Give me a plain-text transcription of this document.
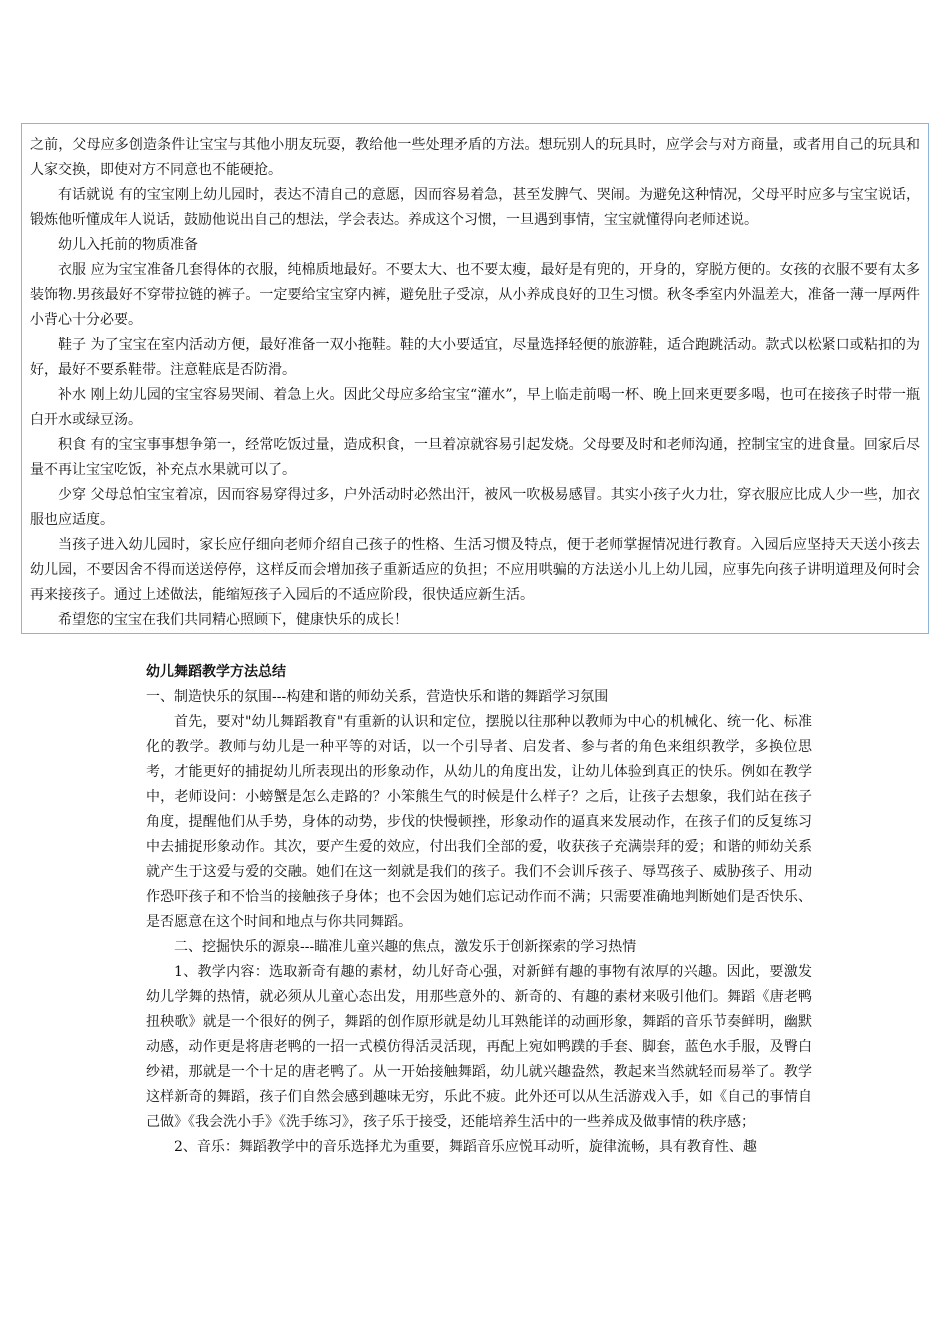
之前，父母应多创造条件让宝宝与其他小朋友玩耍，教给他一些处理矛盾的方法。想玩别人的玩具时，应学会与对方商量，或者用自己的玩具和人家交换，即使对方不同意也不能硬抢。

有话就说 有的宝宝刚上幼儿园时，表达不清自己的意愿，因而容易着急，甚至发脾气、哭闹。为避免这种情况，父母平时应多与宝宝说话，锻炼他听懂成年人说话，鼓励他说出自己的想法，学会表达。养成这个习惯，一旦遇到事情，宝宝就懂得向老师述说。

幼儿入托前的物质准备

衣服 应为宝宝准备几套得体的衣服，纯棉质地最好。不要太大、也不要太瘦，最好是有兜的，开身的，穿脱方便的。女孩的衣服不要有太多装饰物.男孩最好不穿带拉链的裤子。一定要给宝宝穿内裤，避免肚子受凉，从小养成良好的卫生习惯。秋冬季室内外温差大，准备一薄一厚两件小背心十分必要。

鞋子 为了宝宝在室内活动方便，最好准备一双小拖鞋。鞋的大小要适宜，尽量选择轻便的旅游鞋，适合跑跳活动。款式以松紧口或粘扣的为好，最好不要系鞋带。注意鞋底是否防滑。

补水 刚上幼儿园的宝宝容易哭闹、着急上火。因此父母应多给宝宝“灌水”，早上临走前喝一杯、晚上回来更要多喝，也可在接孩子时带一瓶白开水或绿豆汤。

积食 有的宝宝事事想争第一，经常吃饭过量，造成积食，一旦着凉就容易引起发烧。父母要及时和老师沟通，控制宝宝的进食量。回家后尽量不再让宝宝吃饭，补充点水果就可以了。

少穿 父母总怕宝宝着凉，因而容易穿得过多，户外活动时必然出汗，被风一吹极易感冒。其实小孩子火力壮，穿衣服应比成人少一些，加衣服也应适度。

当孩子进入幼儿园时，家长应仔细向老师介绍自己孩子的性格、生活习惯及特点，便于老师掌握情况进行教育。入园后应坚持天天送小孩去幼儿园，不要因舍不得而送送停停，这样反而会增加孩子重新适应的负担；不应用哄骗的方法送小儿上幼儿园，应事先向孩子讲明道理及何时会再来接孩子。通过上述做法，能缩短孩子入园后的不适应阶段，很快适应新生活。

希望您的宝宝在我们共同精心照顾下，健康快乐的成长！

幼儿舞蹈教学方法总结

一、制造快乐的氛围---构建和谐的师幼关系，营造快乐和谐的舞蹈学习氛围

首先，要对"幼儿舞蹈教育"有重新的认识和定位，摆脱以往那种以教师为中心的机械化、统一化、标准化的教学。教师与幼儿是一种平等的对话，以一个引导者、启发者、参与者的角色来组织教学，多换位思考，才能更好的捕捉幼儿所表现出的形象动作，从幼儿的角度出发，让幼儿体验到真正的快乐。例如在教学中，老师设问：小螃蟹是怎么走路的？小笨熊生气的时候是什么样子？之后，让孩子去想象，我们站在孩子角度，提醒他们从手势，身体的动势，步伐的快慢顿挫，形象动作的逼真来发展动作，在孩子们的反复练习中去捕捉形象动作。其次，要产生爱的效应，付出我们全部的爱，收获孩子充满崇拜的爱；和谐的师幼关系就产生于这爱与爱的交融。她们在这一刻就是我们的孩子。我们不会训斥孩子、辱骂孩子、威胁孩子、用动作恐吓孩子和不恰当的接触孩子身体；也不会因为她们忘记动作而不满；只需要准确地判断她们是否快乐、是否愿意在这个时间和地点与你共同舞蹈。

二、挖掘快乐的源泉---瞄准儿童兴趣的焦点，激发乐于创新探索的学习热情

1、教学内容：选取新奇有趣的素材，幼儿好奇心强，对新鲜有趣的事物有浓厚的兴趣。因此，要激发幼儿学舞的热情，就必须从儿童心态出发，用那些意外的、新奇的、有趣的素材来吸引他们。舞蹈《唐老鸭扭秧歌》就是一个很好的例子，舞蹈的创作原形就是幼儿耳熟能详的动画形象，舞蹈的音乐节奏鲜明，幽默动感，动作更是将唐老鸭的一招一式模仿得活灵活现，再配上宛如鸭蹼的手套、脚套，蓝色水手服，及臀白纱裙，那就是一个十足的唐老鸭了。从一开始接触舞蹈，幼儿就兴趣盎然，教起来当然就轻而易举了。教学这样新奇的舞蹈，孩子们自然会感到趣味无穷，乐此不疲。此外还可以从生活游戏入手，如《自己的事情自己做》《我会洗小手》《洗手练习》，孩子乐于接受，还能培养生活中的一些养成及做事情的秩序感；

2、音乐：舞蹈教学中的音乐选择尤为重要，舞蹈音乐应悦耳动听，旋律流畅，具有教育性、趣
